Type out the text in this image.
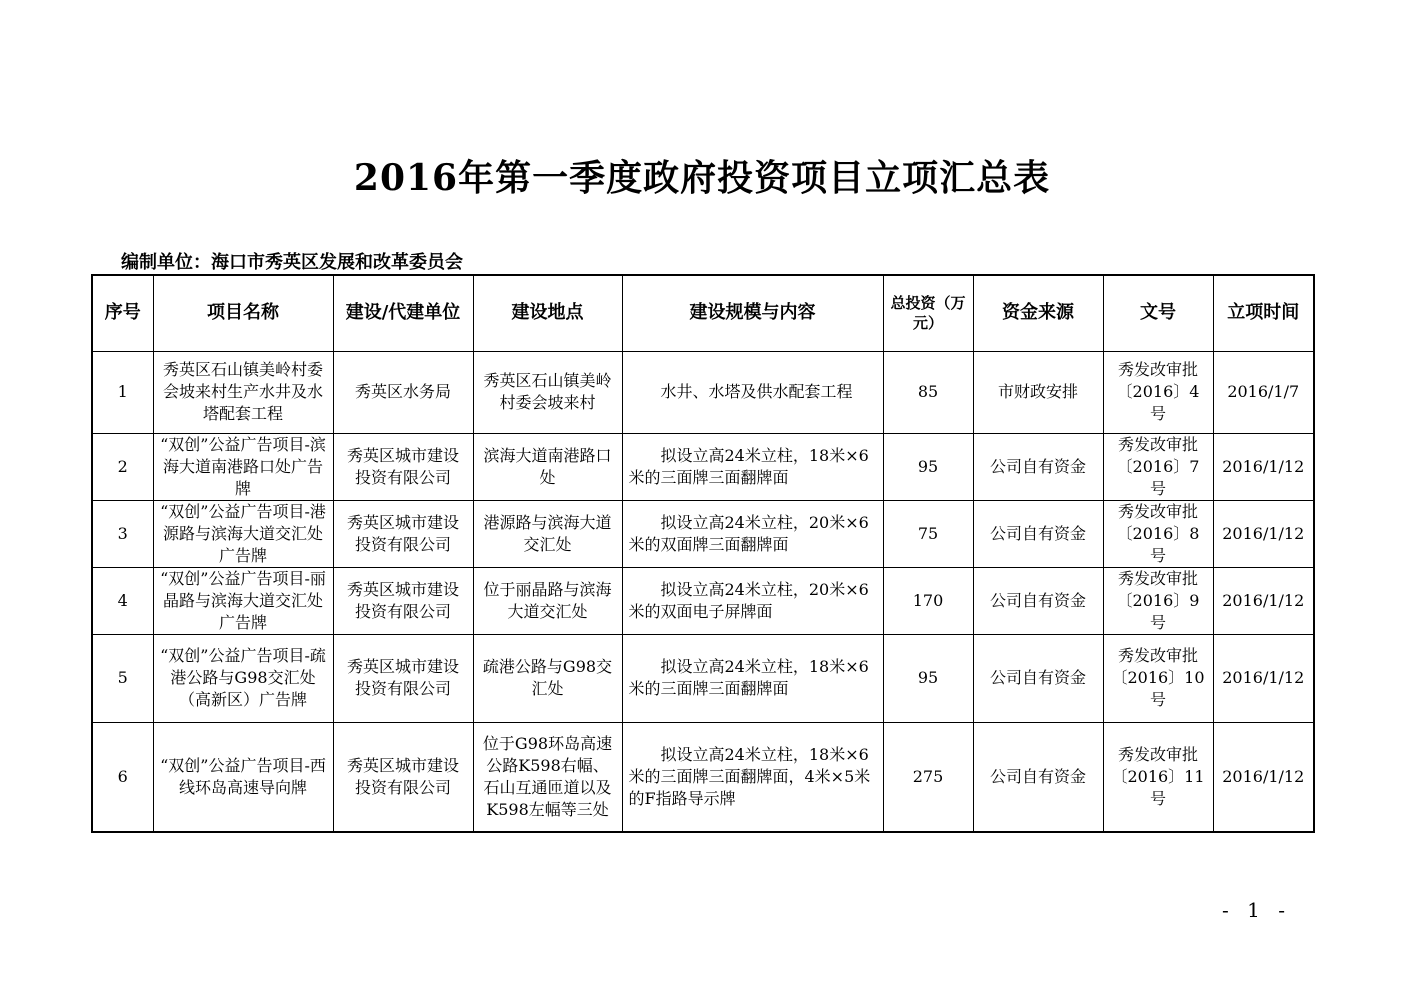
2016年第一季度政府投资项目立项汇总表
编制单位：海口市秀英区发展和改革委员会
序号	项目名称	建设/代建单位	建设地点	建设规模与内容	总投资（万元）	资金来源	文号	立项时间
1	秀英区石山镇美岭村委会坡来村生产水井及水塔配套工程	秀英区水务局	秀英区石山镇美岭村委会坡来村	水井、水塔及供水配套工程	85	市财政安排	秀发改审批〔2016〕4号	2016/1/7
2	“双创”公益广告项目-滨海大道南港路口处广告牌	秀英区城市建设投资有限公司	滨海大道南港路口处	拟设立高24米立柱，18米×6米的三面牌三面翻牌面	95	公司自有资金	秀发改审批〔2016〕7号	2016/1/12
3	“双创”公益广告项目-港源路与滨海大道交汇处广告牌	秀英区城市建设投资有限公司	港源路与滨海大道交汇处	拟设立高24米立柱，20米×6米的双面牌三面翻牌面	75	公司自有资金	秀发改审批〔2016〕8号	2016/1/12
4	“双创”公益广告项目-丽晶路与滨海大道交汇处广告牌	秀英区城市建设投资有限公司	位于丽晶路与滨海大道交汇处	拟设立高24米立柱，20米×6米的双面电子屏牌面	170	公司自有资金	秀发改审批〔2016〕9号	2016/1/12
5	“双创”公益广告项目-疏港公路与G98交汇处（高新区）广告牌	秀英区城市建设投资有限公司	疏港公路与G98交汇处	拟设立高24米立柱，18米×6米的三面牌三面翻牌面	95	公司自有资金	秀发改审批〔2016〕10号	2016/1/12
6	“双创”公益广告项目-西线环岛高速导向牌	秀英区城市建设投资有限公司	位于G98环岛高速公路K598右幅、石山互通匝道以及K598左幅等三处	拟设立高24米立柱，18米×6米的三面牌三面翻牌面，4米×5米的F指路导示牌	275	公司自有资金	秀发改审批〔2016〕11号	2016/1/12
- 1 -
